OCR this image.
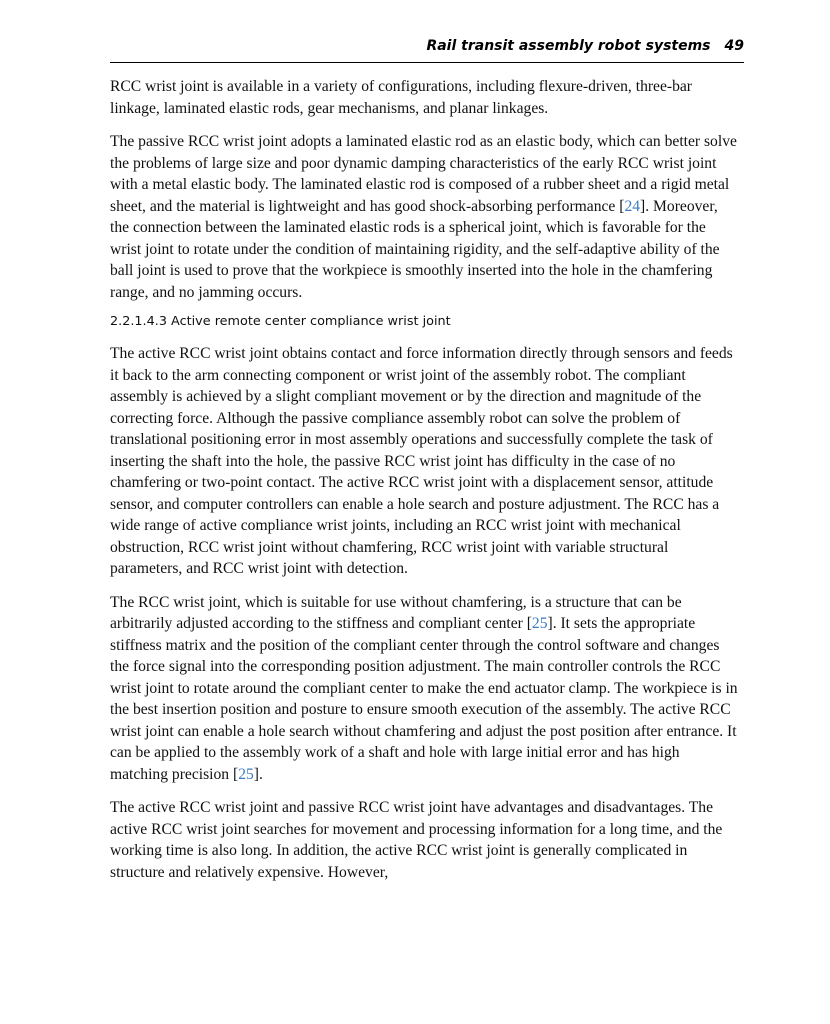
Rail transit assembly robot systems 49

RCC wrist joint is available in a variety of configurations, including flexure-driven, three-bar linkage, laminated elastic rods, gear mechanisms, and planar linkages.

The passive RCC wrist joint adopts a laminated elastic rod as an elastic body, which can better solve the problems of large size and poor dynamic damping characteristics of the early RCC wrist joint with a metal elastic body. The laminated elastic rod is composed of a rubber sheet and a rigid metal sheet, and the material is lightweight and has good shock-absorbing performance [24]. Moreover, the connection between the laminated elastic rods is a spherical joint, which is favorable for the wrist joint to rotate under the condition of maintaining rigidity, and the self-adaptive ability of the ball joint is used to prove that the workpiece is smoothly inserted into the hole in the chamfering range, and no jamming occurs.

2.2.1.4.3 Active remote center compliance wrist joint

The active RCC wrist joint obtains contact and force information directly through sensors and feeds it back to the arm connecting component or wrist joint of the assembly robot. The compliant assembly is achieved by a slight compliant movement or by the direction and magnitude of the correcting force. Although the passive compliance assembly robot can solve the problem of translational positioning error in most assembly operations and successfully complete the task of inserting the shaft into the hole, the passive RCC wrist joint has difficulty in the case of no chamfering or two-point contact. The active RCC wrist joint with a displacement sensor, attitude sensor, and computer controllers can enable a hole search and posture adjustment. The RCC has a wide range of active compliance wrist joints, including an RCC wrist joint with mechanical obstruction, RCC wrist joint without chamfering, RCC wrist joint with variable structural parameters, and RCC wrist joint with detection.

The RCC wrist joint, which is suitable for use without chamfering, is a structure that can be arbitrarily adjusted according to the stiffness and compliant center [25]. It sets the appropriate stiffness matrix and the position of the compliant center through the control software and changes the force signal into the corresponding position adjustment. The main controller controls the RCC wrist joint to rotate around the compliant center to make the end actuator clamp. The workpiece is in the best insertion position and posture to ensure smooth execution of the assembly. The active RCC wrist joint can enable a hole search without chamfering and adjust the post position after entrance. It can be applied to the assembly work of a shaft and hole with large initial error and has high matching precision [25].

The active RCC wrist joint and passive RCC wrist joint have advantages and disadvantages. The active RCC wrist joint searches for movement and processing information for a long time, and the working time is also long. In addition, the active RCC wrist joint is generally complicated in structure and relatively expensive. However,
